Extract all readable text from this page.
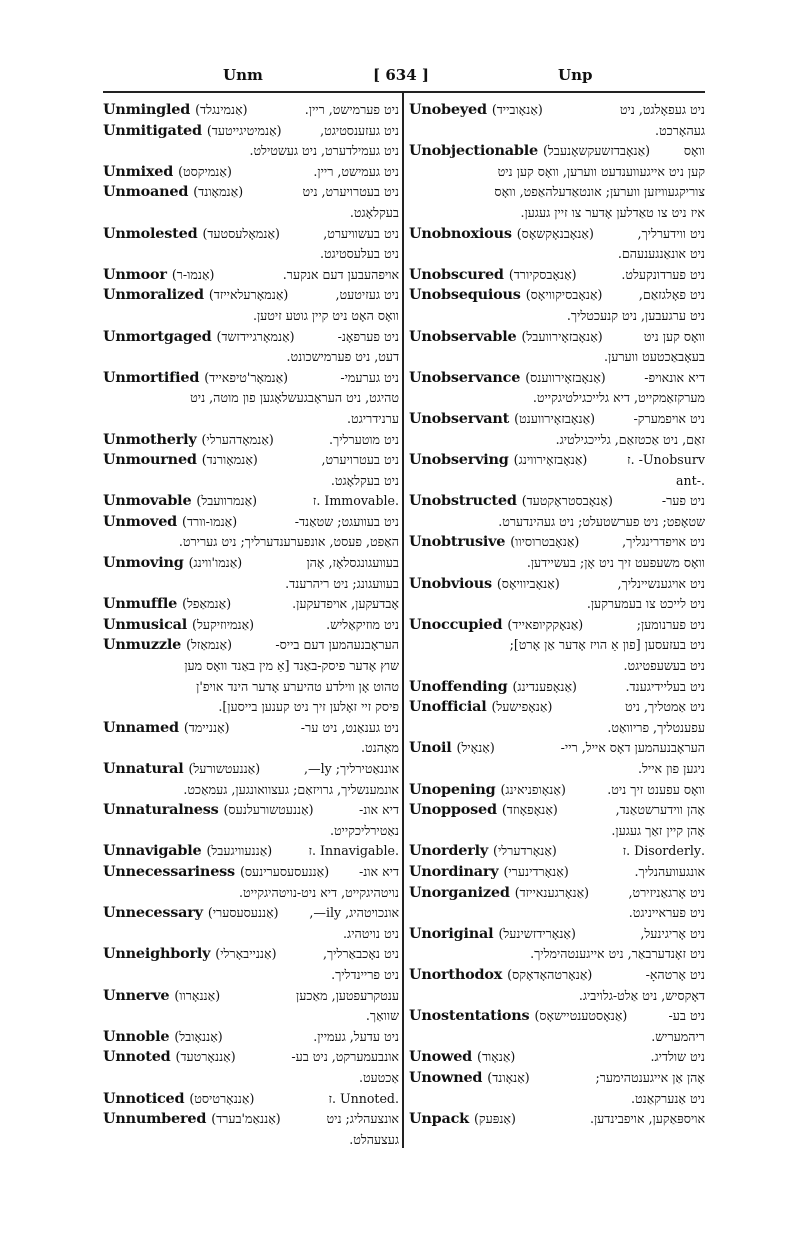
Unm	[ 634 ]	Unp
Unmingled (אַנמינגלד)	ניט פערמישט, ריין.
Unmitigated (אַנמיטיגייטעד)	ניט געזענסטיגט,
ניט געמילדערט, ניט געשטילט.
Unmixed (אַנמיקסט)	ניט געמישט, ריין.
Unmoaned (אַנמאָונד)	ניט בעטרויערט, ניט
בעקלאָגט.
Unmolested (אַנמאָלעסטעד)	ניט בעשוויערט,
ניט בעלעסטיגט.
Unmoor (אַנמו-ר)	אויפהעבען דעם אנקער.
Unmoralized (אַנמאָרעלאייזד)	ניט געזיטעט,
וואָס האָט ניט קיין גוטע זיטען.
Unmortgaged (אַנמאָרגיידזשד)	ניט פערפאָנ-
דעט, ניט פערמישכונט.
Unmortified (אַנמאָר'טיפאייד)	ניט גערעמי-
טהיגט, ניט העראָבגעשלאָגען פון מוטה, ניט
ערנידריגט.
Unmotherly (אַנמאָדהערלי)	ניט מוטערליך.
Unmourned (אַנמאָורנד)	ניט בעטרויערט,
ניט בעקלאָגט.
Unmovable (אַנמרוועבל)	.Immovable .ז
Unmoved (אַנמו-וורד)	ניט בעוועגט; שטאַנד-
האַפט, פעסט, אונפערענדערליך; ניט גערירט.
Unmoving (אַנמו'ווינג)	בעוועגונגסלאָז, אָהן
בעוועגונג; ניט ריהרענד.
Unmuffle (אַנמאַפל)	אָבדעקען, אויפדעקען.
Unmusical (אַנמיוזיקעל)	ניט מוזיקאַליש.
Unmuzzle (אַנמאַזל)	העראָבנעהמען דעם בייס-
שוץ אָדער פיסק-באַנד [אַ מין באַנד וואָס מען
טהוט אָן ווילדע טהיערע אָדער הינד אויפ'ן
פיסק זיי זאָלען זיך ניט קענען בייסען].
Unnamed (אַנניימד)	ניט גענאַנט, ניט ער-
מאָהנט.
Unnatural (אַננעטשורעל)	אוננאַטירליך; ly—,
אונמענשליך, גרויזאַם; געצוואונגען, געמאַכט.
Unnaturalness (אַננעטשורעלנעס)	דיא אונ-
נאַטירליכקייט.
Unnavigable (אַננעוויגעבל)	.Innavigable .ז
Unnecessariness (אַננעסעסערינעס)	דיא אונ-
נויטהיגקייט, דיא ניט-נויטהיגקייט.
Unnecessary (אַננעסעסערי)	אונכויטהיג, ily—,
ניט נויטהיג.
Unneighborly (אַננייבאָרלי)	ניט נאָכבאַרליך,
ניט פריינדליך.
Unnerve (אַננאָרוו)	ענטקרעפטען, מאַכען
שוואַך.
Unnoble (אַננאָובל)	ניט עדעל, געמיין.
Unnoted (אַננאָרטעד)	אונבעמערקט, ניט בע-
אַכטעט.
Unnoticed (אַננאָרטיסט)	.Unnoted .ז
Unnumbered (אַננאַמ'בערד)	אונצעהליג; ניט
געצעהלט.
Unobeyed (אַנאָובייד)	ניט געפאָלגט, ניט
געהאָרכט.
Unobjectionable (אַנאָבדזשעקשאָנעבל)	וואָס
קען ניט אייגעווענדעט ווערען, וואָס קען ניט
צוריקגעוויזען ווערען; אונטאַדעלהאַפט, וואָס
איז ניט צו טאַדלען אָדער צו זיין געגען.
Unobnoxious (אַנאָבנאָקשאָס)	ניט ווידערליך,
ניט אונאַנגענעהם.
Unobscured (אַנאָבסקיורד)	ניט פערדונקעלט.
Unobsequious (אַנאָבסיקוויאָס)	ניט פאָלגזאַם,
ניט ערגעבען, ניט קנעכטליך.
Unobservable (אַנאָבזאָירוועבל)	וואָס קען ניט
בעאָבאַכטעט ווערען.
Unobservance (אַנאָבזאָירווענס)	דיא אונאויפ-
מערקזאַמקייט, דיא גלייכגילטיגקייט.
Unobservant (אַנאָבזאָירווענט)	ניט אויפמערק-
זאַם, ניט אַכטזאַם, גלייכגילטיג.
Unobserving (אַנאָבזאָירווינג)	Unobsurv- .ז
.-ant
Unobstructed (אַנאָבסטראָקטעד)	ניט פער-
שטאָפט; ניט פערשטעלט; ניט געהינדערט.
Unobtrusive (אַנאָבטרוסיוו)	ניט אויפדרינגליך,
וואָס משעפעט זיך ניט אָן; בעשיידען.
Unobvious (אַנאָביוויאָס)	ניט אויגענשיינליך,
ניט לייכט צו בעמערקען.
Unoccupied (אַנאָקקיופאייד)	ניט פערנומען;
ניט בעזעסען [פון אַ הויז אָדער אַן אָרט];
ניט בעשעפטיגט.
Unoffending (אַנאָפענדינג)	ניט בעליידיגענד.
Unofficial (אַנאָפישעל)	ניט אַמטליך, ניט
עפענטליך, פריוואַט.
Unoil (אַנאָיל)	העראָבנעהמען דאָס אייל, ריי-
ניגען פון אייל.
Unopening (אַנאָופניאינג)	וואָס עפענט זיך ניט.
Unopposed (אַנאָפאָוזד)	אָהן ווידערשטאַנד,
אָהן קיין זאַך געגען.
Unorderly (אַנאָרדערלי)	.Disorderly .ז
Unordinary (אַנאָרדינערי)	אונגעוועהנליך.
Unorganized (אַנאָרגענאייזד)	ניט אָרגאַניזירט,
ניט פעראייניגט.
Unoriginal (אַנאָרידזשינעל)	ניט אָריגינעל,
ניט זאָנדערבאַר, ניט אייגענטהימליך.
Unorthodox (אַנאָרטהאָדאָקס)	ניט אָרטהאָ-
דאָקסיש, ניט אַלט-גלויביג.
Unostentations (אַנאָסטענטיישאָס)	ניט בע-
ריהמעריש.
Unowed (אַנאָוד)	ניט שולדיג.
Unowned (אַנאָונד)	אָהן אַן אייגענטהימער;
ניט אַנערקאַנט.
Unpack (אַנפּעק)	אויספּאַקען, אויפבינדען.
